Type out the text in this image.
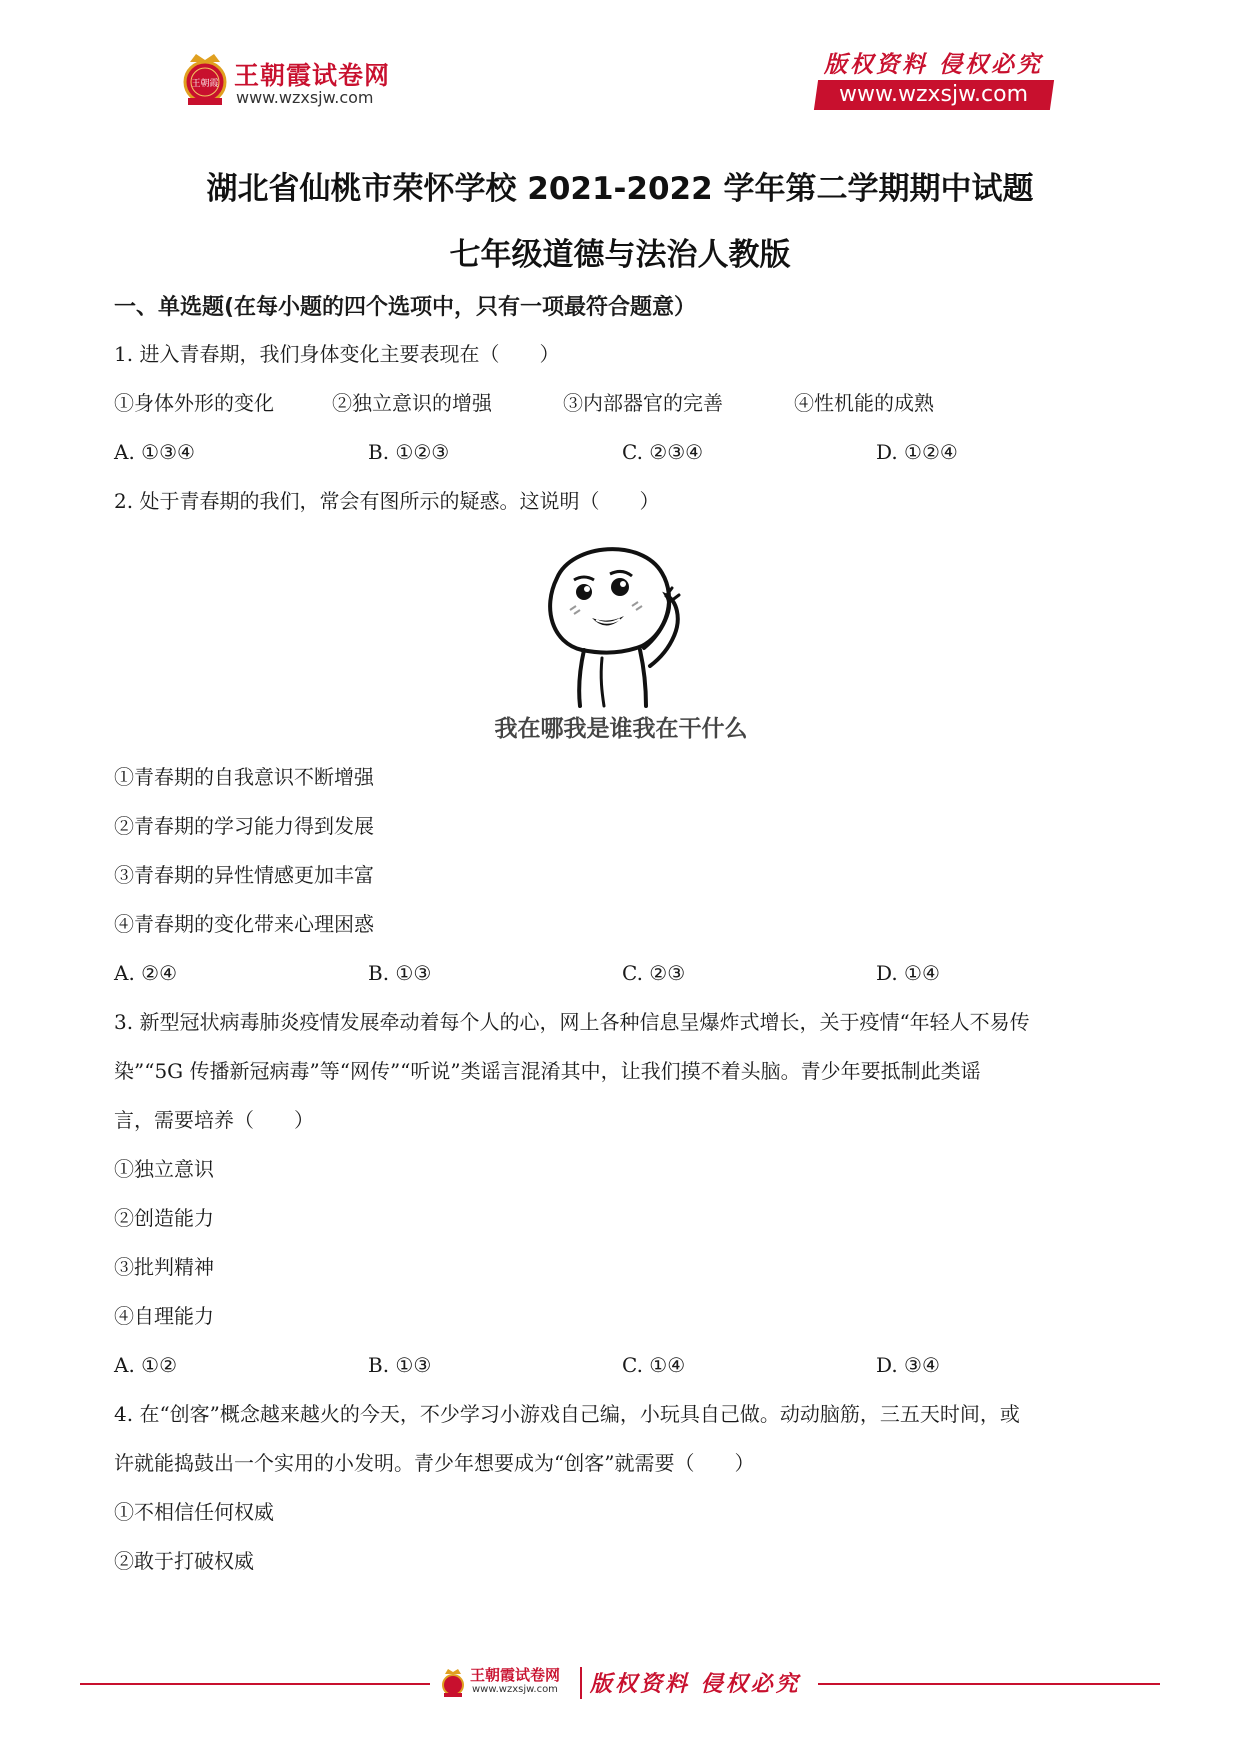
王朝霞 王朝霞试卷网
www.wzxsjw.com
版权资料 侵权必究
www.wzxsjw.com
湖北省仙桃市荣怀学校 2021-2022 学年第二学期期中试题
七年级道德与法治人教版
一、单选题(在每小题的四个选项中，只有一项最符合题意）
1. 进入青春期，我们身体变化主要表现在（　　）
①身体外形的变化	②独立意识的增强	③内部器官的完善	④性机能的成熟
A. ①③④	B. ①②③	C. ②③④	D. ①②④
2. 处于青春期的我们，常会有图所示的疑惑。这说明（　　）
我在哪我是谁我在干什么
①青春期的自我意识不断增强
②青春期的学习能力得到发展
③青春期的异性情感更加丰富
④青春期的变化带来心理困惑
A. ②④	B. ①③	C. ②③	D. ①④
3. 新型冠状病毒肺炎疫情发展牵动着每个人的心，网上各种信息呈爆炸式增长，关于疫情“年轻人不易传
染”“5G 传播新冠病毒”等“网传”“听说”类谣言混淆其中，让我们摸不着头脑。青少年要抵制此类谣
言，需要培养（　　）
①独立意识
②创造能力
③批判精神
④自理能力
A. ①②	B. ①③	C. ①④	D. ③④
4. 在“创客”概念越来越火的今天，不少学习小游戏自己编，小玩具自己做。动动脑筋，三五天时间，或
许就能捣鼓出一个实用的小发明。青少年想要成为“创客”就需要（　　）
①不相信任何权威
②敢于打破权威
王朝霞试卷网
www.wzxsjw.com 版权资料 侵权必究
